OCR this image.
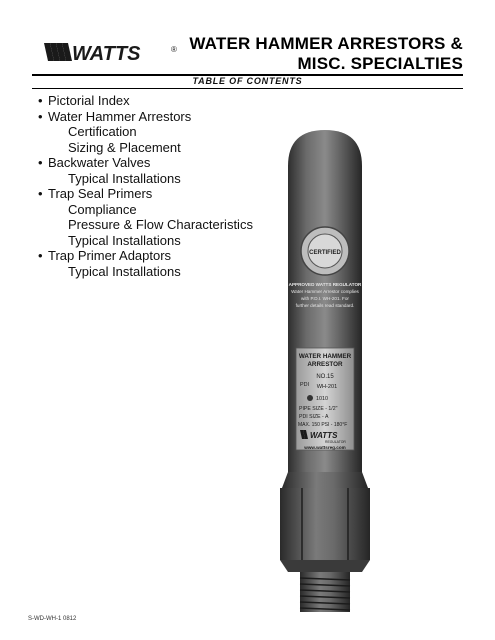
WATTS	® WATER HAMMER ARRESTORS &
MISC. SPECIALTIES
TABLE OF CONTENTS
• Pictorial Index
• Water Hammer Arrestors
Certification
Sizing & Placement
• Backwater Valves
Typical Installations
• Trap Seal Primers
Compliance
Pressure & Flow Characteristics
Typical Installations
• Trap Primer Adaptors
Typical Installations
CERTIFIED
APPROVED WATTS REGULATOR
Water Hammer Arrestor complies
with P.D.I. WH-201. For
further details read standard.
WATER HAMMER
ARRESTOR
NO.15
PDI WH-201
1010
PIPE SIZE - 1/2"
PDI SIZE - A
MAX. 150 PSI - 180°F
WATTS
REGULATOR
www.wattsreg.com
S-WD-WH-1 0812
